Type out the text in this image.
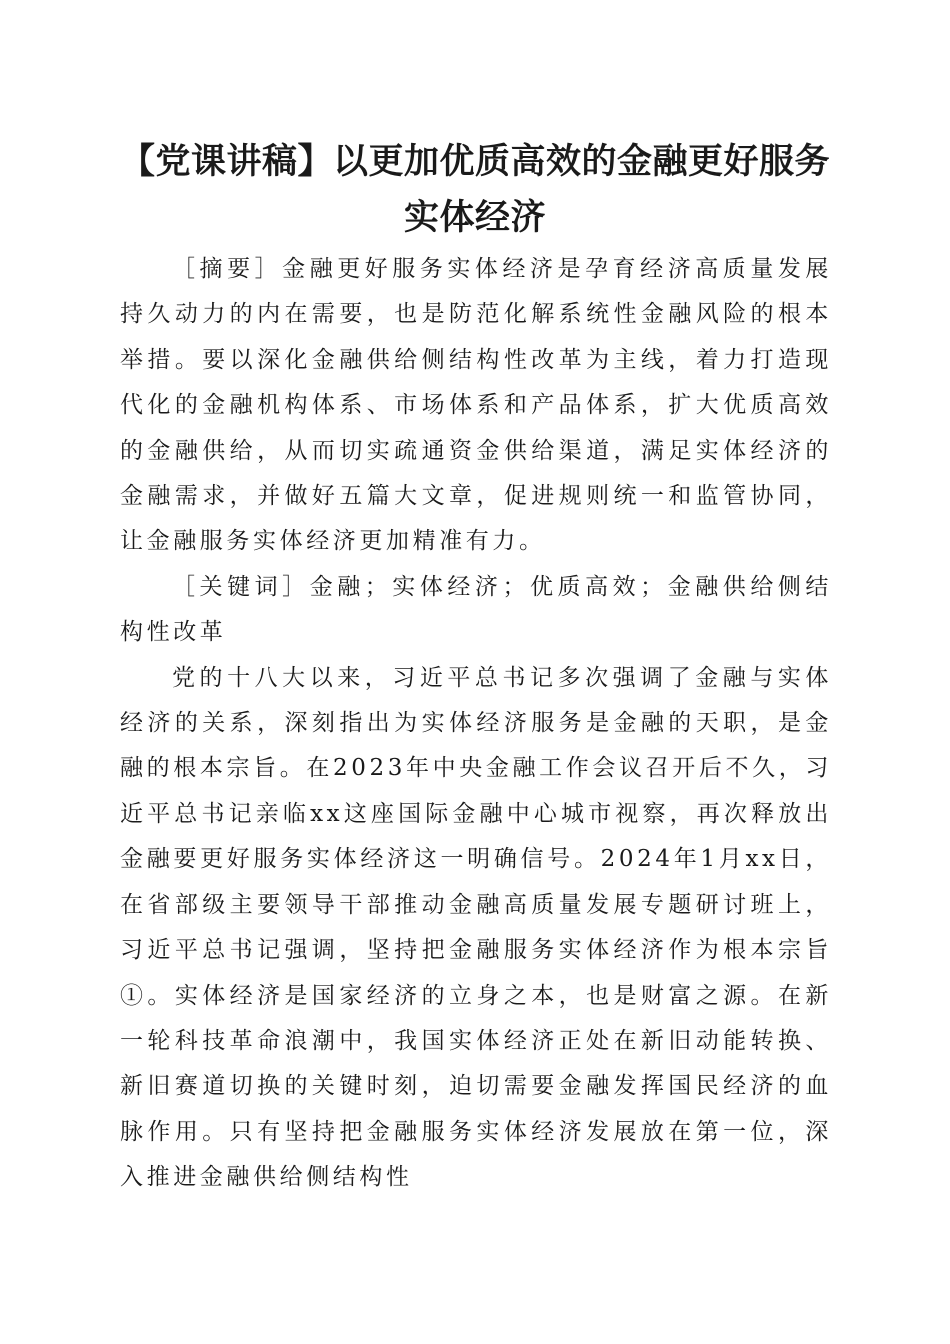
【党课讲稿】以更加优质高效的金融更好服务
实体经济

［摘要］金融更好服务实体经济是孕育经济高质量发展持久动力的内在需要，也是防范化解系统性金融风险的根本举措。要以深化金融供给侧结构性改革为主线，着力打造现代化的金融机构体系、市场体系和产品体系，扩大优质高效的金融供给，从而切实疏通资金供给渠道，满足实体经济的金融需求，并做好五篇大文章，促进规则统一和监管协同，让金融服务实体经济更加精准有力。

［关键词］金融；实体经济；优质高效；金融供给侧结构性改革

党的十八大以来，习近平总书记多次强调了金融与实体经济的关系，深刻指出为实体经济服务是金融的天职，是金融的根本宗旨。在2023年中央金融工作会议召开后不久，习近平总书记亲临xx这座国际金融中心城市视察，再次释放出金融要更好服务实体经济这一明确信号。2024年1月xx日，在省部级主要领导干部推动金融高质量发展专题研讨班上，习近平总书记强调，坚持把金融服务实体经济作为根本宗旨①。实体经济是国家经济的立身之本，也是财富之源。在新一轮科技革命浪潮中，我国实体经济正处在新旧动能转换、新旧赛道切换的关键时刻，迫切需要金融发挥国民经济的血脉作用。只有坚持把金融服务实体经济发展放在第一位，深入推进金融供给侧结构性
